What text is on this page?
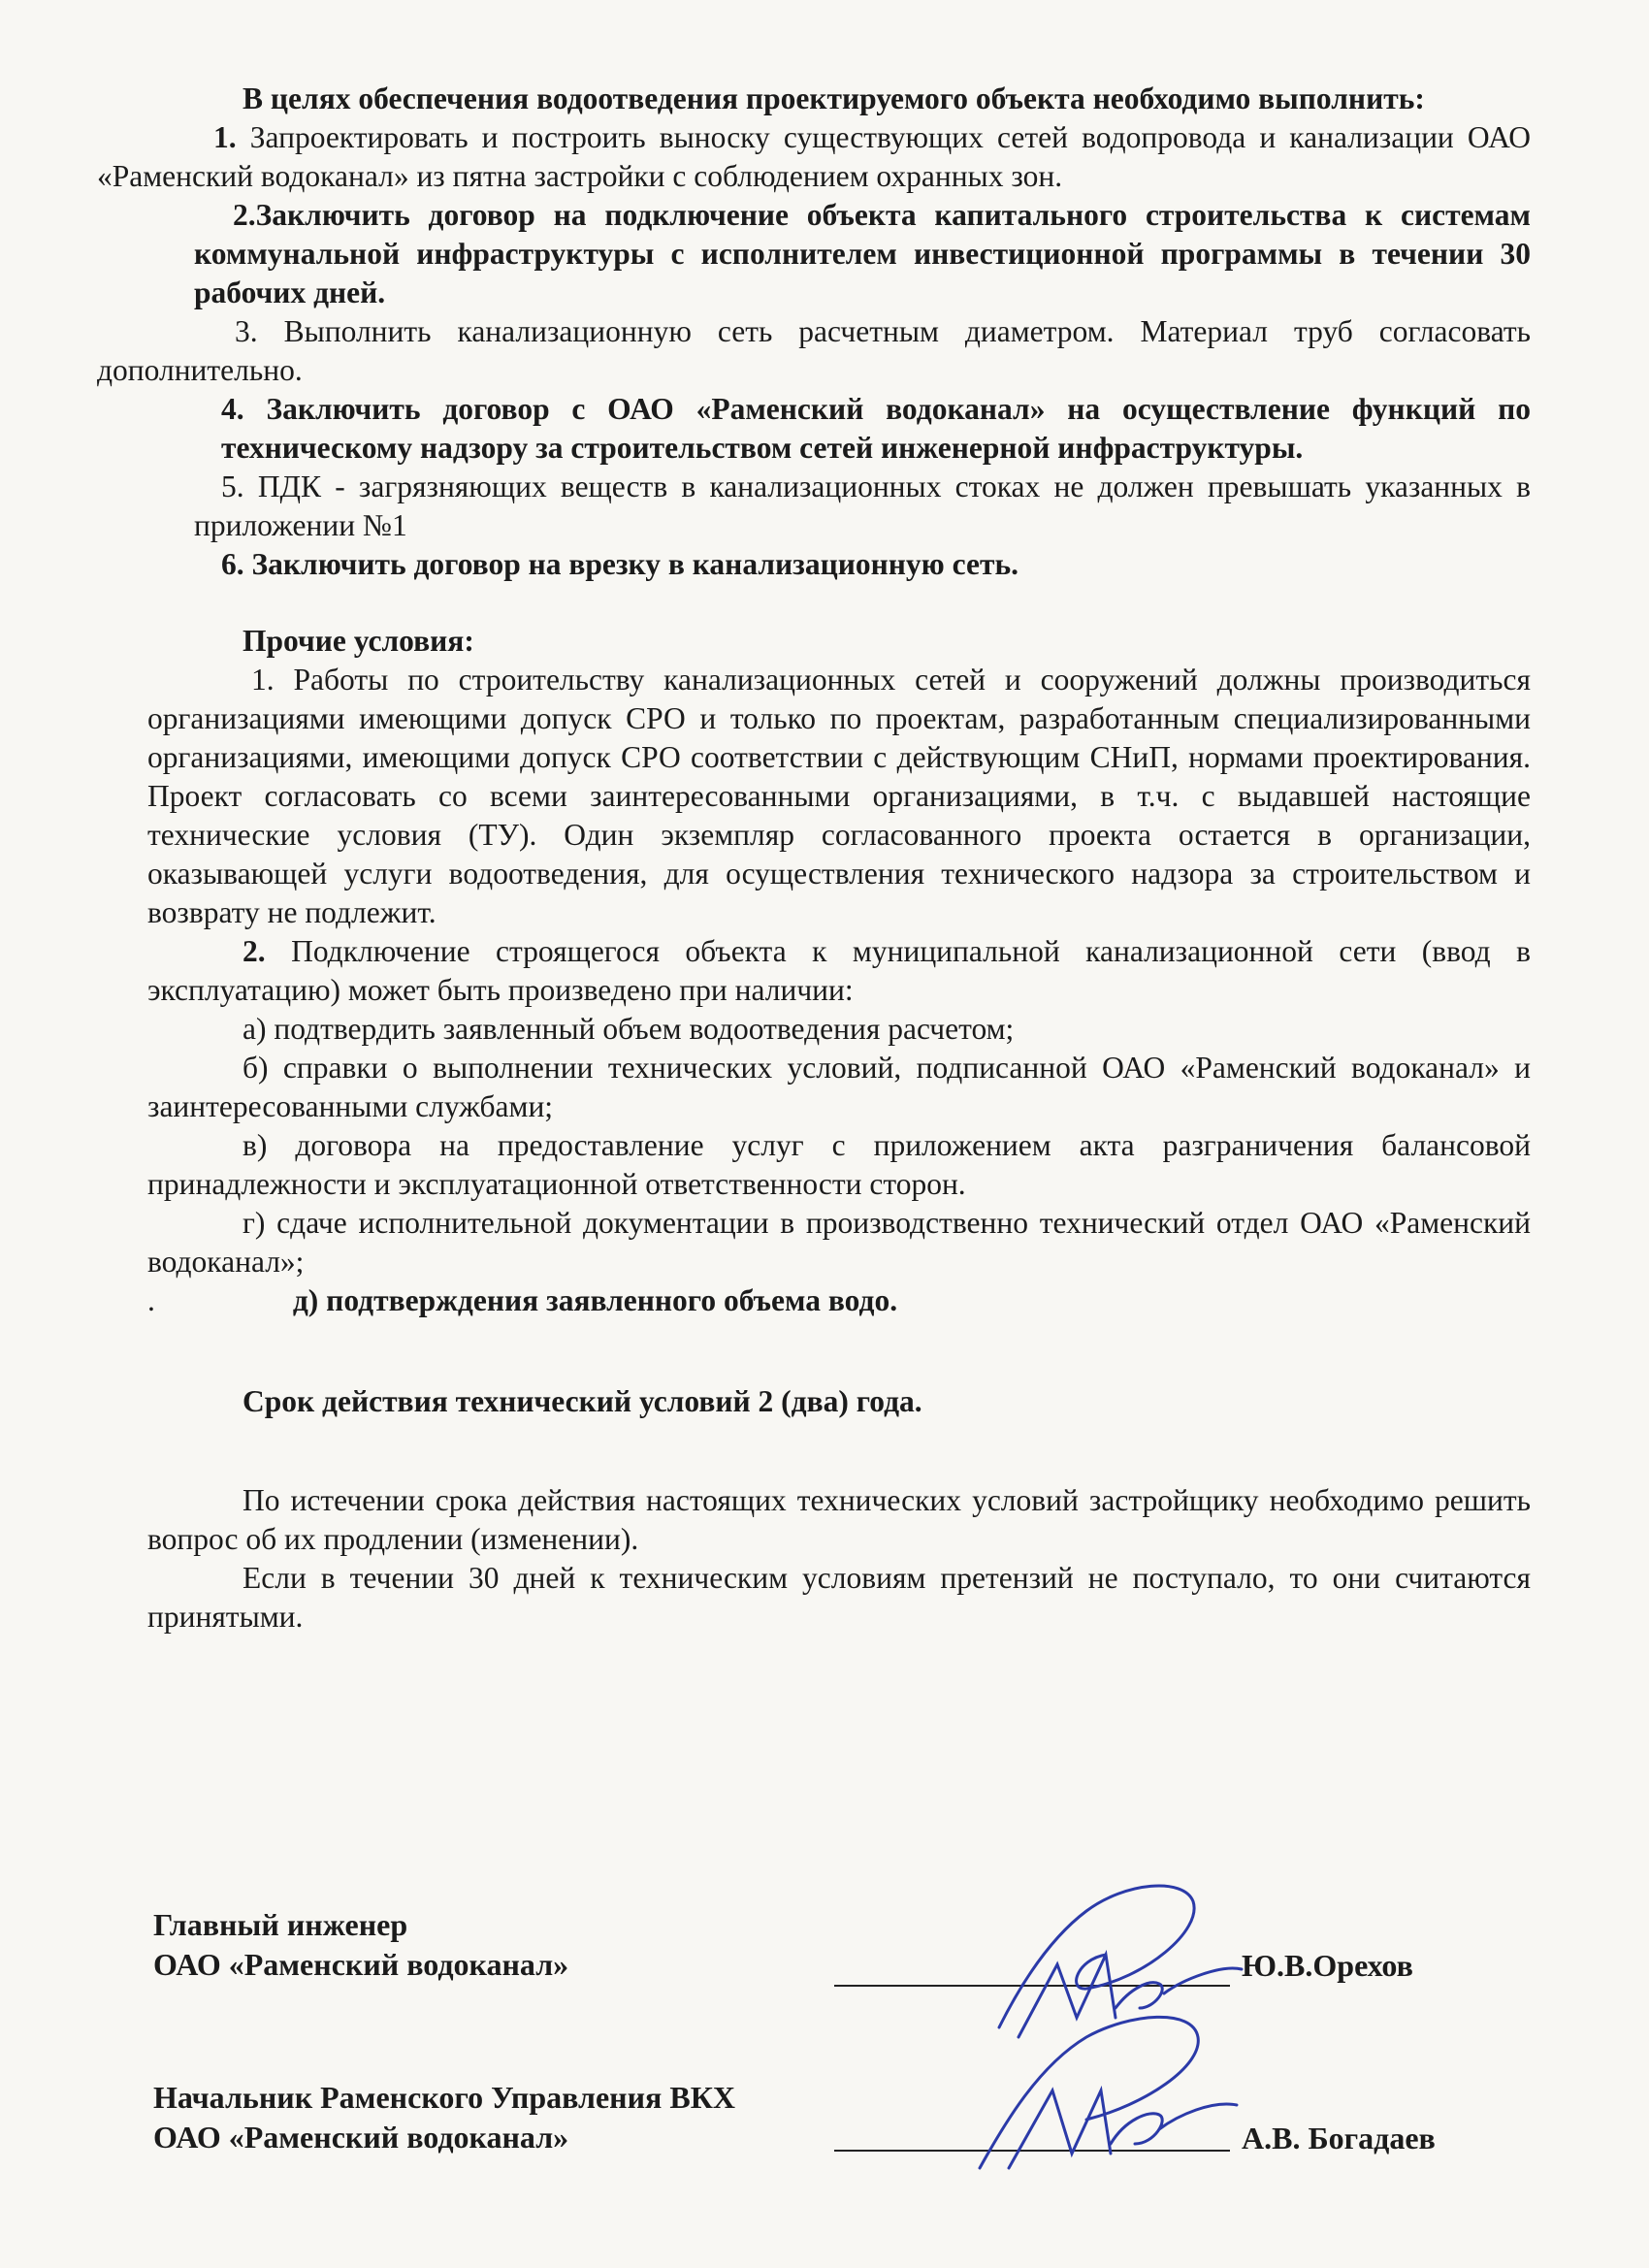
В целях обеспечения водоотведения проектируемого объекта необходимо выполнить:

1. Запроектировать и построить выноску существующих сетей водопровода и канализации ОАО «Раменский водоканал» из пятна застройки с соблюдением охранных зон.

2.Заключить договор на подключение объекта капитального строительства к системам коммунальной инфраструктуры с исполнителем инвестиционной программы в течении 30 рабочих дней.

3. Выполнить канализационную сеть расчетным диаметром. Материал труб согласовать дополнительно.

4. Заключить договор с ОАО «Раменский водоканал» на осуществление функций по техническому надзору за строительством сетей инженерной инфраструктуры.

5. ПДК - загрязняющих веществ в канализационных стоках не должен превышать указанных в приложении №1

6. Заключить договор на врезку в канализационную сеть.

Прочие условия:

1. Работы по строительству канализационных сетей и сооружений должны производиться организациями имеющими допуск СРО и только по проектам, разработанным специализированными организациями, имеющими допуск СРО соответствии с действующим СНиП, нормами проектирования. Проект согласовать со всеми заинтересованными организациями, в т.ч. с выдавшей настоящие технические условия (ТУ). Один экземпляр согласованного проекта остается в организации, оказывающей услуги водоотведения, для осуществления технического надзора за строительством и возврату не подлежит.

2. Подключение строящегося объекта к муниципальной канализационной сети (ввод в эксплуатацию) может быть произведено при наличии:

а) подтвердить заявленный объем водоотведения расчетом;

б) справки о выполнении технических условий, подписанной ОАО «Раменский водоканал» и заинтересованными службами;

в) договора на предоставление услуг с приложением акта разграничения балансовой принадлежности и эксплуатационной ответственности сторон.

г) сдаче исполнительной документации в производственно технический отдел ОАО «Раменский водоканал»;

.	д) подтверждения заявленного объема водо.

Срок действия технический условий 2 (два) года.

По истечении срока действия настоящих технических условий застройщику необходимо решить вопрос об их продлении (изменении).

Если в течении 30 дней к техническим условиям претензий не поступало, то они считаются принятыми.

Главный инженер
ОАО «Раменский водоканал»	Ю.В.Орехов
Начальник Раменского Управления ВКХ
ОАО «Раменский водоканал»	А.В. Богадаев
